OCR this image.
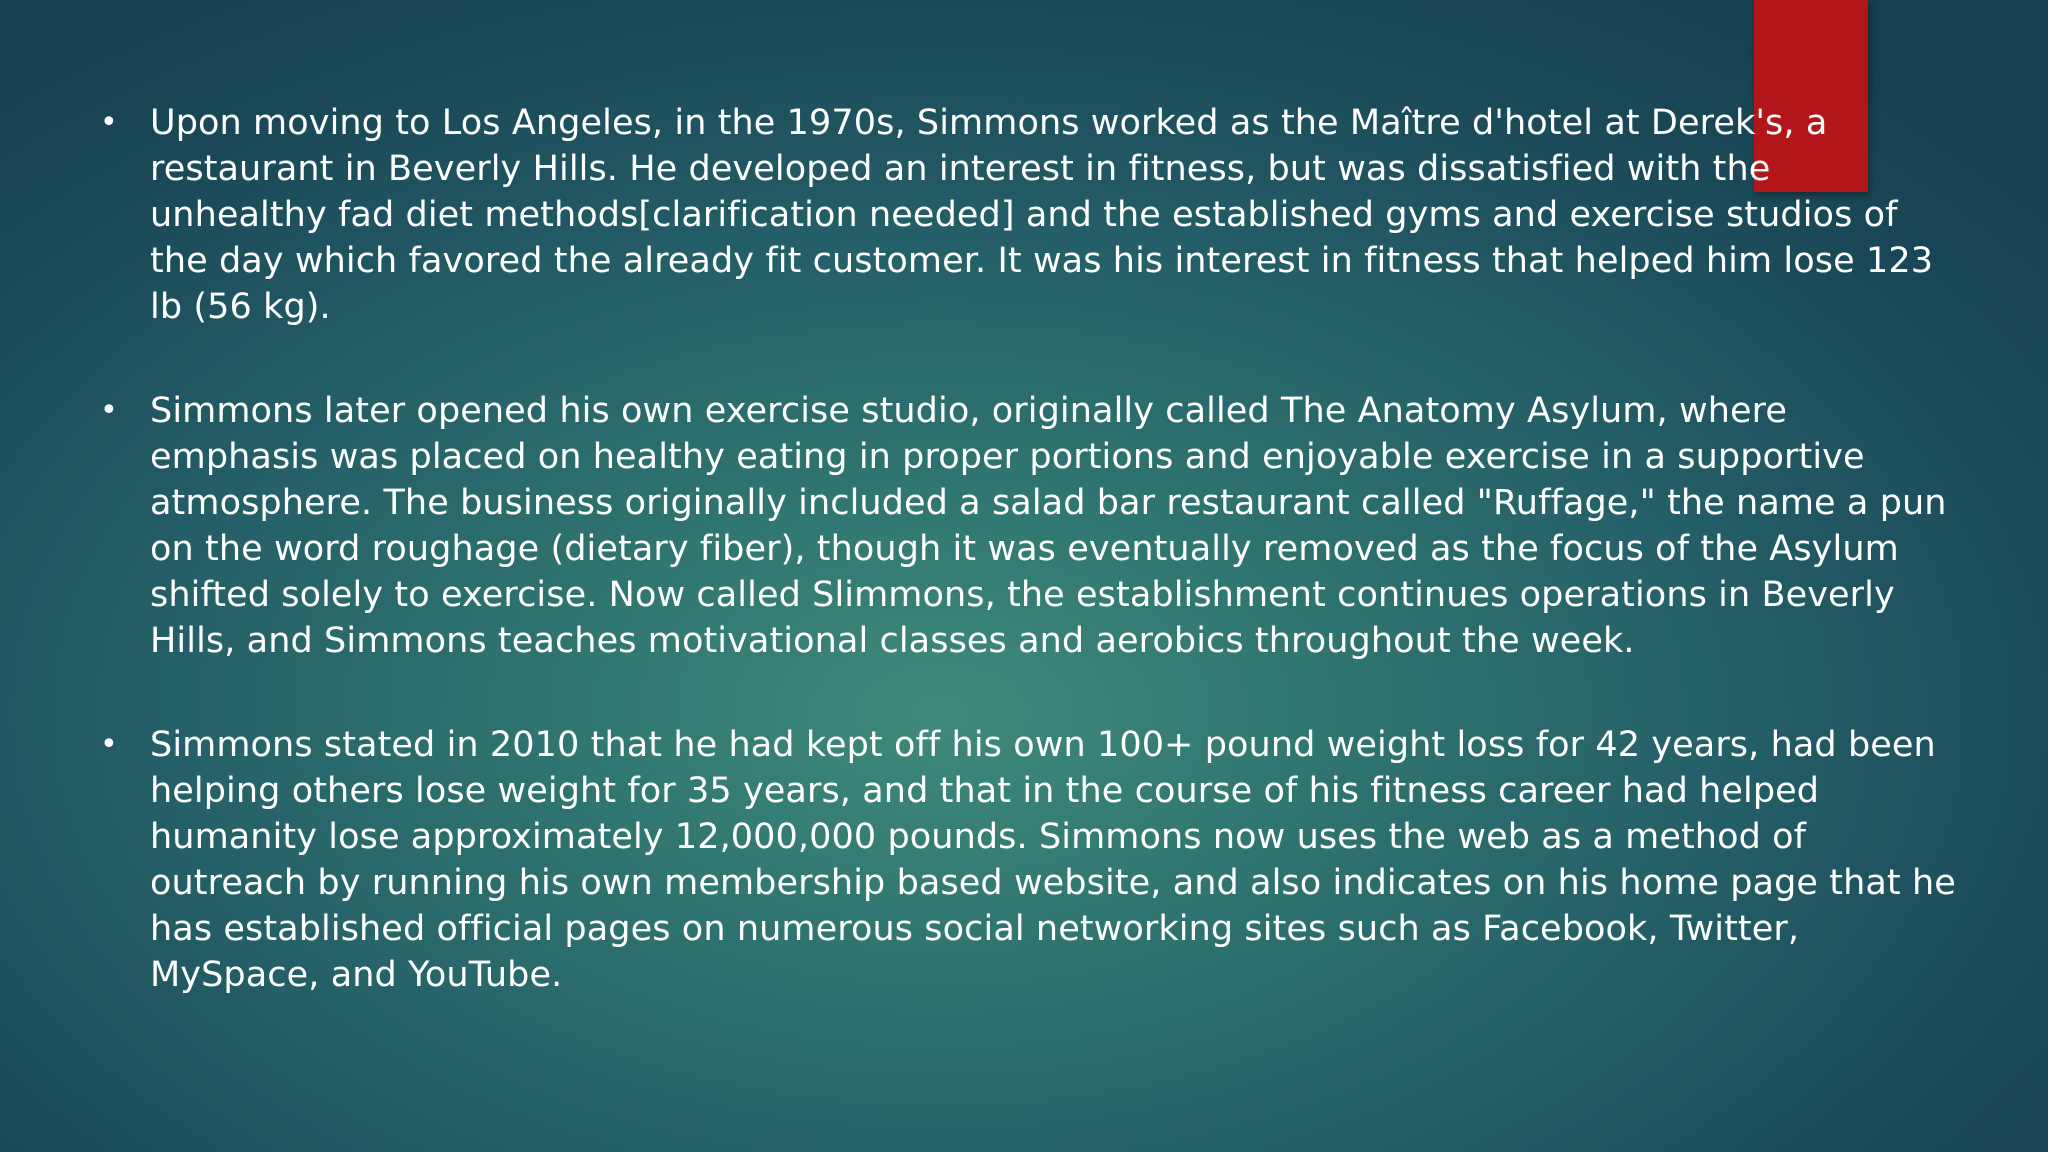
• Upon moving to Los Angeles, in the 1970s, Simmons worked as the Maître d'hotel at Derek's, a restaurant in Beverly Hills. He developed an interest in fitness, but was dissatisfied with the unhealthy fad diet methods[clarification needed] and the established gyms and exercise studios of the day which favored the already fit customer. It was his interest in fitness that helped him lose 123 lb (56 kg).
• Simmons later opened his own exercise studio, originally called The Anatomy Asylum, where emphasis was placed on healthy eating in proper portions and enjoyable exercise in a supportive atmosphere. The business originally included a salad bar restaurant called "Ruffage," the name a pun on the word roughage (dietary fiber), though it was eventually removed as the focus of the Asylum shifted solely to exercise. Now called Slimmons, the establishment continues operations in Beverly Hills, and Simmons teaches motivational classes and aerobics throughout the week.
• Simmons stated in 2010 that he had kept off his own 100+ pound weight loss for 42 years, had been helping others lose weight for 35 years, and that in the course of his fitness career had helped humanity lose approximately 12,000,000 pounds. Simmons now uses the web as a method of outreach by running his own membership based website, and also indicates on his home page that he has established official pages on numerous social networking sites such as Facebook, Twitter, MySpace, and YouTube.
